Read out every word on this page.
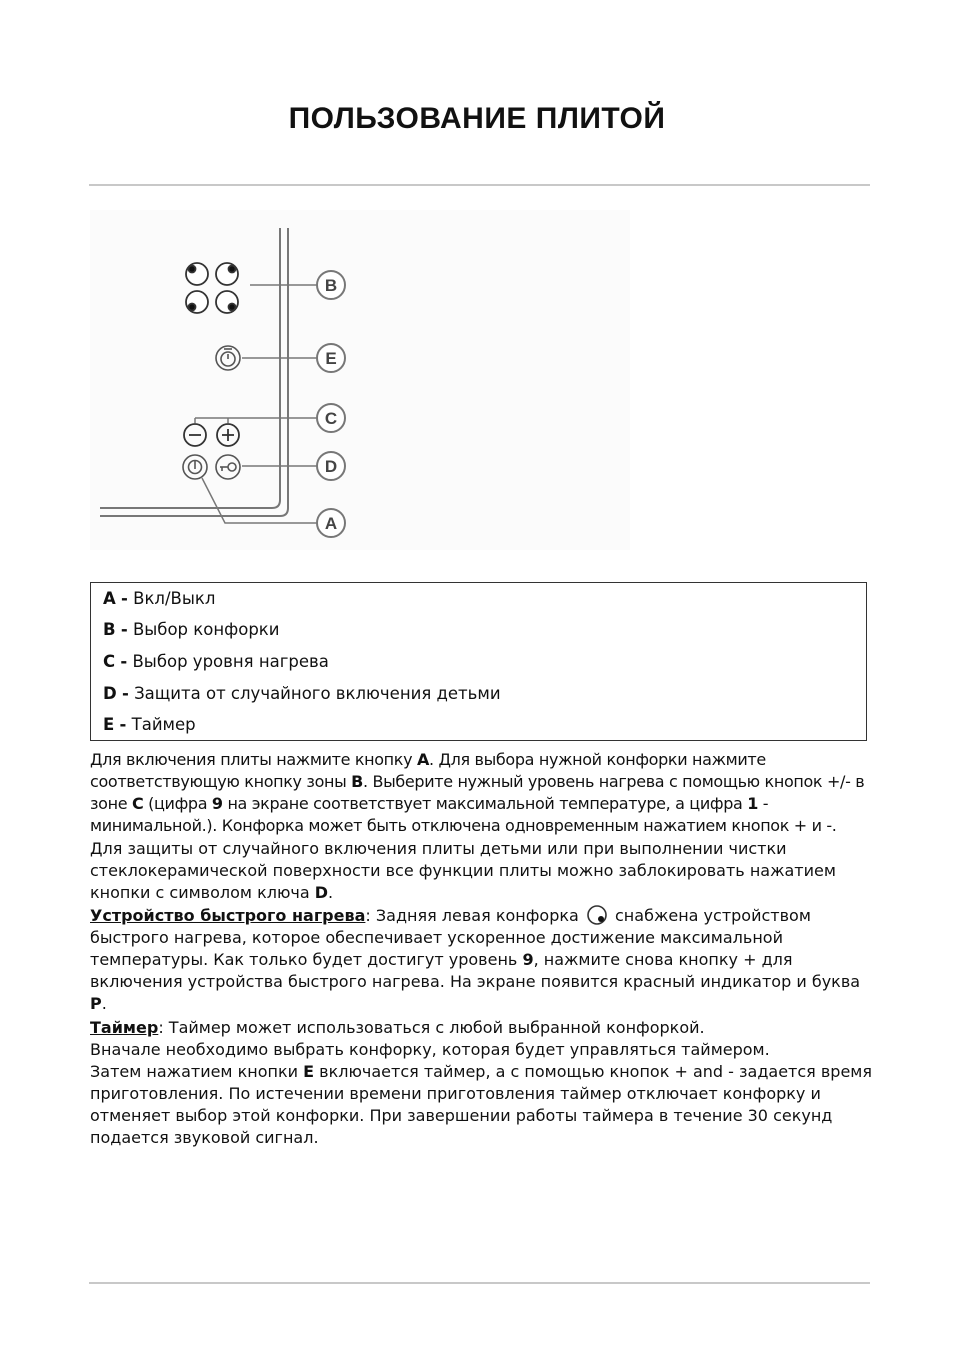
ПОЛЬЗОВАНИЕ ПЛИТОЙ
B
E
C
D
A
A - Вкл/Выкл
B - Выбор конфорки
C - Выбор уровня нагрева
D - Защита от случайного включения детьми
E - Таймер

Для включения плиты нажмите кнопку A. Для выбора нужной конфорки нажмите соответствующую кнопку зоны B. Выберите нужный уровень нагрева с помощью кнопок +/- в зоне C (цифра 9 на экране соответствует максимальной температуре, а цифра 1 - минимальной.). Конфорка может быть отключена одновременным нажатием кнопок + и -.

Для защиты от случайного включения плиты детьми или при выполнении чистки стеклокерамической поверхности все функции плиты можно заблокировать нажатием кнопки с символом ключа D.

Устройство быстрого нагрева: Задняя левая конфорка  снабжена устройством быстрого нагрева, которое обеспечивает ускоренное достижение максимальной температуры. Как только будет достигут уровень 9, нажмите снова кнопку + для включения устройства быстрого нагрева. На экране появится красный индикатор и буква P.

Таймер: Таймер может использоваться с любой выбранной конфоркой.

Вначале необходимо выбрать конфорку, которая будет управляться таймером.

Затем нажатием кнопки E включается таймер, а с помощью кнопок + and - задается время приготовления. По истечении времени приготовления таймер отключает конфорку и отменяет выбор этой конфорки. При завершении работы таймера в течение 30 секунд подается звуковой сигнал.
